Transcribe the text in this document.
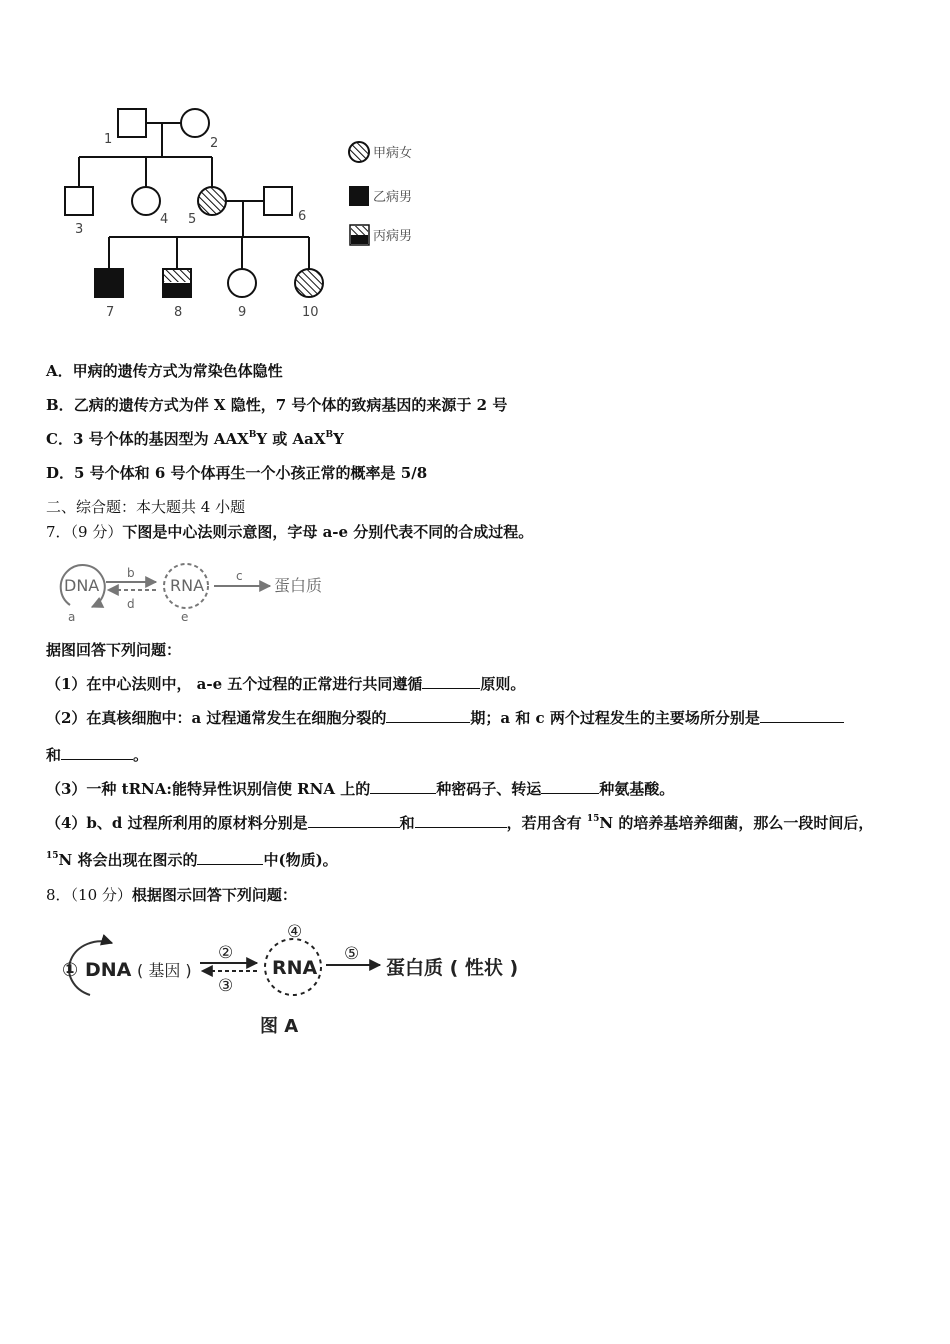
1	2
3
4 5	6
7	8	9	10
甲病女
乙病男
丙病男
A．甲病的遗传方式为常染色体隐性
B．乙病的遗传方式为伴 X 隐性，7 号个体的致病基因的来源于 2 号
C．3 号个体的基因型为 $AAX^BY$ 或 AaX$^B$Y
D．5 号个体和 6 号个体再生一个小孩正常的概率是 5/8
二、综合题：本大题共 4 小题
7．（9 分）下图是中心法则示意图，字母 a-e 分别代表不同的合成过程。
DNA
a
b
d
RNA
e
c 蛋白质
据图回答下列问题：
（1）在中心法则中， a-e 五个过程的正常进行共同遵循	原则。
（2）在真核细胞中：a 过程通常发生在细胞分裂的	期；a 和 c 两个过程发生的主要场所分别是
和	。
（3）一种 tRNA:能特异性识别信使 RNA 上的	种密码子、转运	种氨基酸。
（4）b、d 过程所利用的原材料分别是	和	，若用含有 $^{15}$N 的培养基培养细菌，那么一段时间后，
$^{15}$N 将会出现在图示的	中(物质)。
8．（10 分）根据图示回答下列问题：
① DNA ( 基因 )
②
③
④
RNA
⑤
蛋白质 ( 性状 )
图 A
